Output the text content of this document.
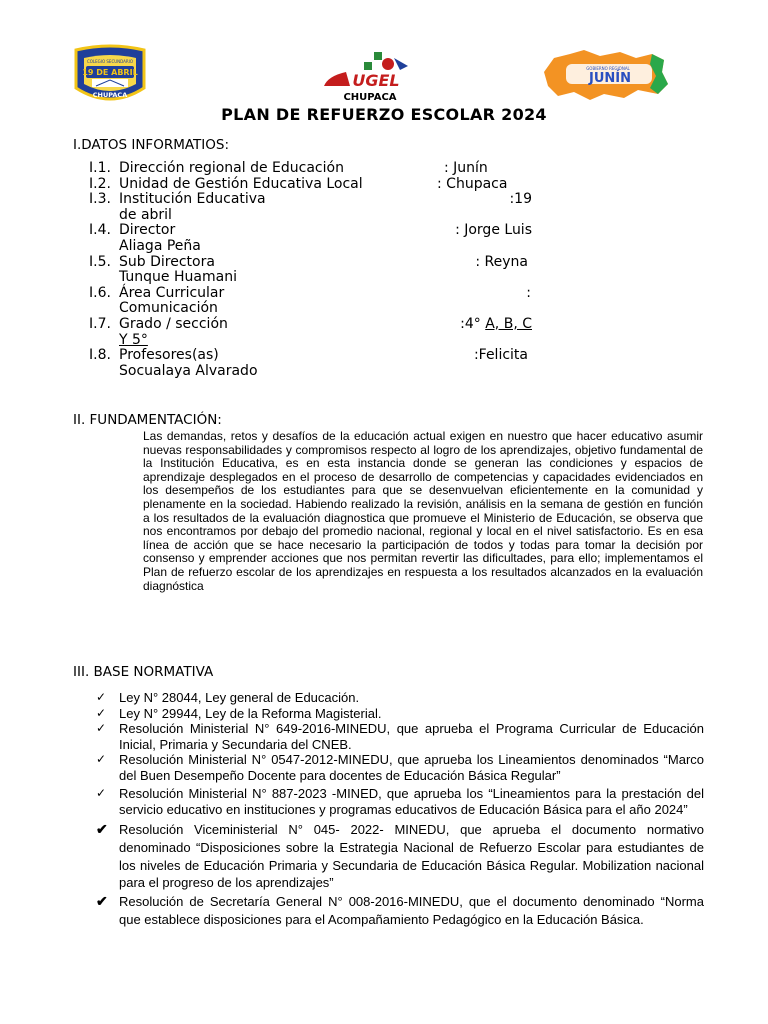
19 DE ABRIL
COLEGIO SECUNDARIO
CHUPACA
UGEL
CHUPACA
GOBIERNO REGIONAL
JUNÍN
PLAN DE REFUERZO ESCOLAR 2024
I.DATOS INFORMATIOS:
I.1. Dirección regional de Educación	: Junín
I.2. Unidad de Gestión Educativa Local	: Chupaca
I.3. Institución Educativa	:19

de abril
I.4. Director	: Jorge Luis

Aliaga Peña
I.5. Sub Directora	: Reyna

Tunque Huamani
I.6. Área Curricular	:

Comunicación
I.7. Grado / sección	:4° A, B, C

Y 5°
I.8. Profesores(as)	:Felicita

Socualaya Alvarado
II. FUNDAMENTACIÓN:
Las demandas, retos y desafíos de la educación actual exigen en nuestro que hacer educativo asumir nuevas responsabilidades y compromisos respecto al logro de los aprendizajes, objetivo fundamental de la Institución Educativa, es en esta instancia donde se generan las condiciones y espacios de aprendizaje desplegados en el proceso de desarrollo de competencias y capacidades evidenciados en los desempeños de los estudiantes para que se desenvuelvan eficientemente en la comunidad y plenamente en la sociedad. Habiendo realizado la revisión, análisis en la semana de gestión en función a los resultados de la evaluación diagnostica que promueve el Ministerio de Educación, se observa que nos encontramos por debajo del promedio nacional, regional y local en el nivel satisfactorio. Es en esa línea de acción que se hace necesario la participación de todos y todas para tomar la decisión por consenso y emprender acciones que nos permitan revertir las dificultades, para ello; implementamos el Plan de refuerzo escolar de los aprendizajes en respuesta a los resultados alcanzados en la evaluación diagnóstica
III. BASE NORMATIVA
✓ Ley N° 28044, Ley general de Educación.
✓ Ley N° 29944, Ley de la Reforma Magisterial.
✓ Resolución Ministerial N° 649-2016-MINEDU, que aprueba el Programa Curricular de Educación Inicial, Primaria y Secundaria del CNEB.
✓ Resolución Ministerial N° 0547-2012-MINEDU, que aprueba los Lineamientos denominados “Marco del Buen Desempeño Docente para docentes de Educación Básica Regular”
✓ Resolución Ministerial N° 887-2023 -MINED, que aprueba los “Lineamientos para la prestación del servicio educativo en instituciones y programas educativos de Educación Básica para el año 2024”
✔ Resolución Viceministerial N° 045- 2022- MINEDU, que aprueba el documento normativo denominado “Disposiciones sobre la Estrategia Nacional de Refuerzo Escolar para estudiantes de los niveles de Educación Primaria y Secundaria de Educación Básica Regular. Mobilization nacional para el progreso de los aprendizajes”
✔ Resolución de Secretaría General N° 008-2016-MINEDU, que el documento denominado “Norma que establece disposiciones para el Acompañamiento Pedagógico en la Educación Básica.
